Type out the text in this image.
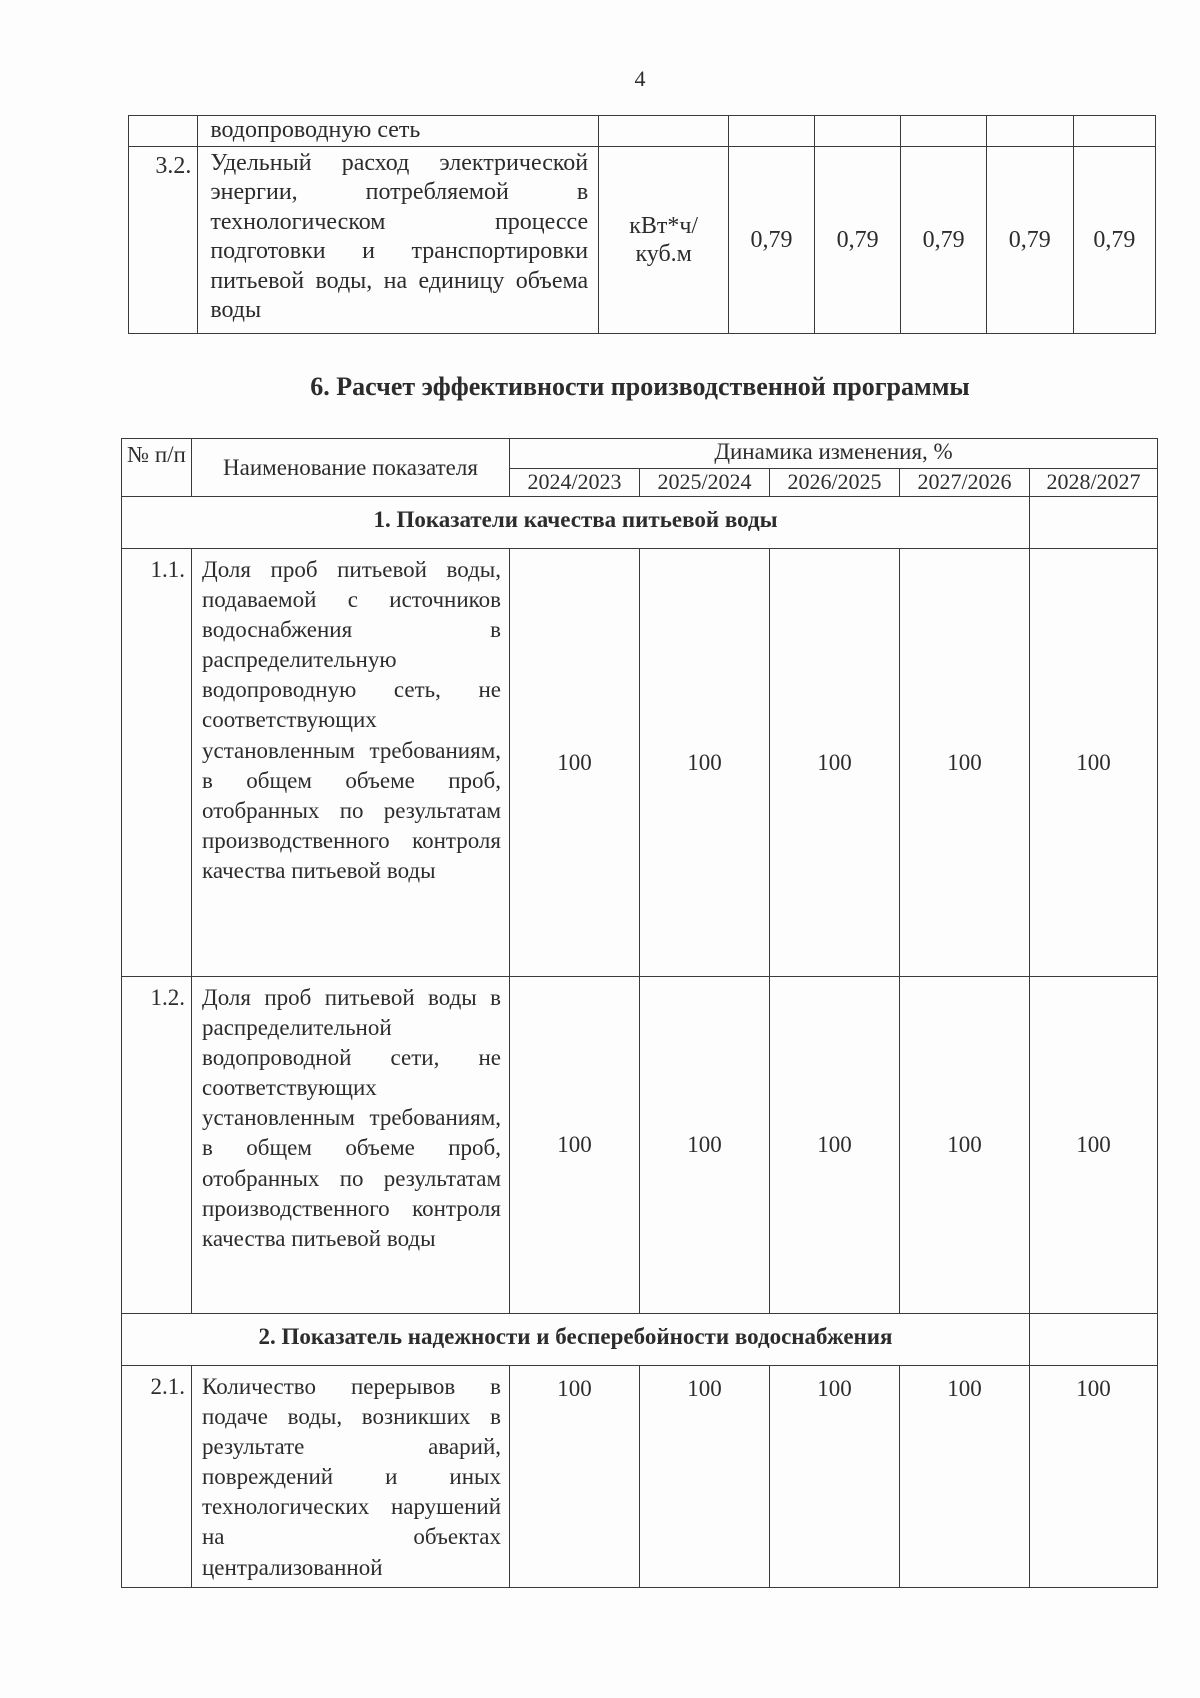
4
	водопроводную сеть						
3.2.	Удельный расход электрической энергии, потребляемой в технологическом процессе подготовки и транспортировки питьевой воды, на единицу объема воды	кВт*ч/ куб.м	0,79	0,79	0,79	0,79	0,79
6. Расчет эффективности производственной программы
№ п/п	Наименование показателя	Динамика изменения, %				
		2024/2023	2025/2024	2026/2025	2027/2026	2028/2027
1. Показатели качества питьевой воды						
1.1.	Доля проб питьевой воды, подаваемой с источников водоснабжения в распределительную водопроводную сеть, не соответствующих установленным требованиям, в общем объеме проб, отобранных по результатам производственного контроля качества питьевой воды	100	100	100	100	100
1.2.	Доля проб питьевой воды в распределительной водопроводной сети, не соответствующих установленным требованиям, в общем объеме проб, отобранных по результатам производственного контроля качества питьевой воды	100	100	100	100	100
2. Показатель надежности и бесперебойности водоснабжения						
2.1.	Количество перерывов в подаче воды, возникших в результате аварий, повреждений и иных технологических нарушений на объектах централизованной	100	100	100	100	100
